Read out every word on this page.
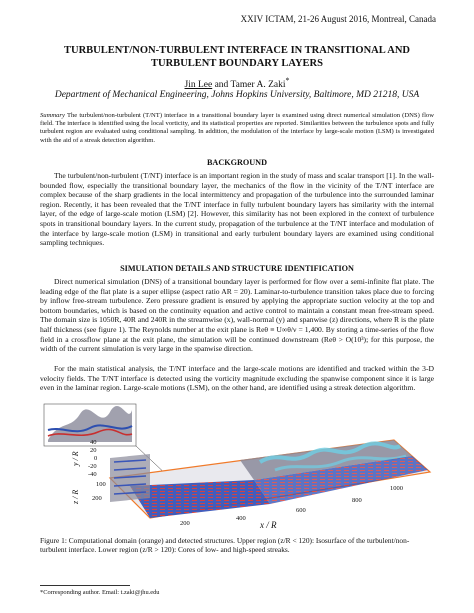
XXIV ICTAM, 21-26 August 2016, Montreal, Canada
TURBULENT/NON-TURBULENT INTERFACE IN TRANSITIONAL AND TURBULENT BOUNDARY LAYERS
Jin Lee and Tamer A. Zaki*
Department of Mechanical Engineering, Johns Hopkins University, Baltimore, MD 21218, USA
Summary The turbulent/non-turbulent (T/NT) interface in a transitional boundary layer is examined using direct numerical simulation (DNS) flow field. The interface is identified using the local vorticity, and its statistical properties are reported. Similarities between the turbulence spots and fully turbulent region are evaluated using conditional sampling. In addition, the modulation of the interface by large-scale motion (LSM) is investigated with the aid of a streak detection algorithm.
BACKGROUND

The turbulent/non-turbulent (T/NT) interface is an important region in the study of mass and scalar transport [1]. In the wall-bounded flow, especially the transitional boundary layer, the mechanics of the flow in the vicinity of the T/NT interface are complex because of the sharp gradients in the local intermittency and propagation of the turbulence into the surrounded laminar region. Recently, it has been revealed that the T/NT interface in fully turbulent boundary layers has similarity with the internal layer, of the edge of large-scale motion (LSM) [2]. However, this similarity has not been explored in the context of turbulence spots in transitional boundary layers. In the current study, propagation of the turbulence at the T/NT interface and modulation of the interface by large-scale motion (LSM) in transitional and early turbulent boundary layers are examined using conditional sampling techniques.

SIMULATION DETAILS AND STRUCTURE IDENTIFICATION

Direct numerical simulation (DNS) of a transitional boundary layer is performed for flow over a semi-infinite flat plate. The leading edge of the flat plate is a super ellipse (aspect ratio AR = 20). Laminar-to-turbulence transition takes place due to forcing by inflow free-stream turbulence. Zero pressure gradient is ensured by applying the appropriate suction velocity at the top and bottom boundaries, which is based on the continuity equation and active control to maintain a constant mean free-stream speed. The domain size is 1050R, 40R and 240R in the streamwise (x), wall-normal (y) and spanwise (z) directions, where R is the plate half thickness (see figure 1). The Reynolds number at the exit plane is Reθ ≡ U∞θ/ν = 1,400. By storing a time-series of the flow field in a crossflow plane at the exit plane, the simulation will be continued downstream (Reθ > O(10³); for this purpose, the width of the current simulation is very large in the spanwise direction.

For the main statistical analysis, the T/NT interface and the large-scale motions are identified and tracked within the 3-D velocity fields. The T/NT interface is detected using the vorticity magnitude excluding the spanwise component since it is large even in the laminar region. Large-scale motions (LSM), on the other hand, are identified using a streak detection algorithm.

40
20
0
-20
-40
200
100
200
400
600
800
1000
y / R
z / R
x / R
Figure 1: Computational domain (orange) and detected structures. Upper region (z/R < 120): Isosurface of the turbulent/non-turbulent interface. Lower region (z/R > 120): Cores of low- and high-speed streaks.
*Corresponding author. Email: t.zaki@jhu.edu
